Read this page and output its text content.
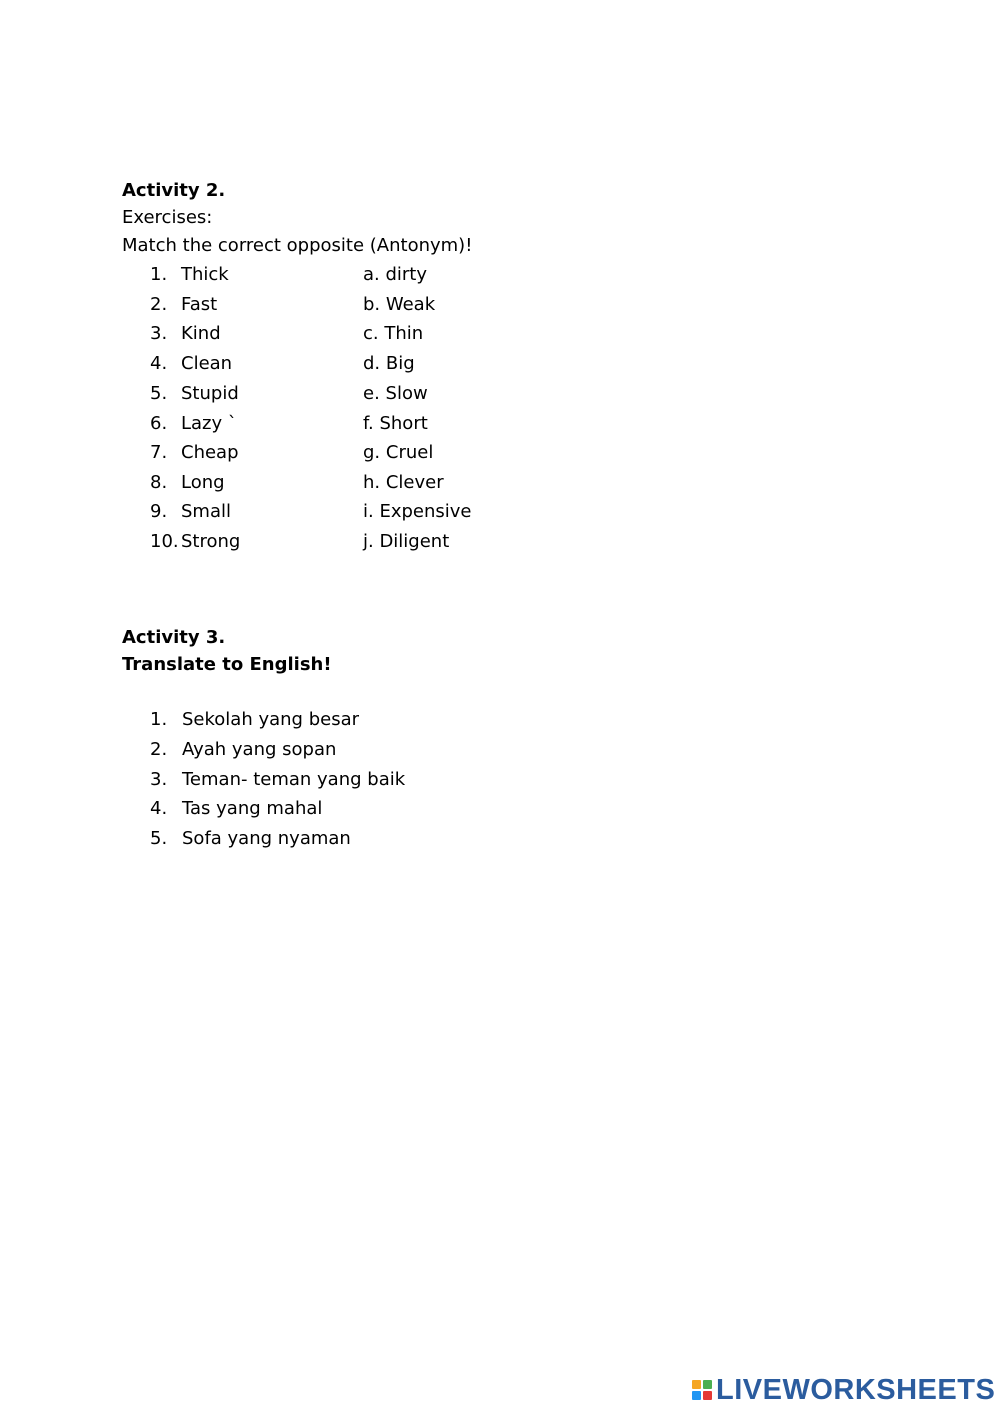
Activity 2.
Exercises:
Match the correct opposite (Antonym)!
1. Thick	a. dirty
2. Fast	b. Weak
3. Kind	c. Thin
4. Clean	d. Big
5. Stupid	e. Slow
6. Lazy `	f. Short
7. Cheap	g. Cruel
8. Long	h. Clever
9. Small	i. Expensive
10. Strong	j. Diligent
Activity 3.
Translate to English!
1. Sekolah yang besar
2. Ayah yang sopan
3. Teman- teman yang baik
4. Tas yang mahal
5. Sofa yang nyaman
LIVEWORKSHEETS
